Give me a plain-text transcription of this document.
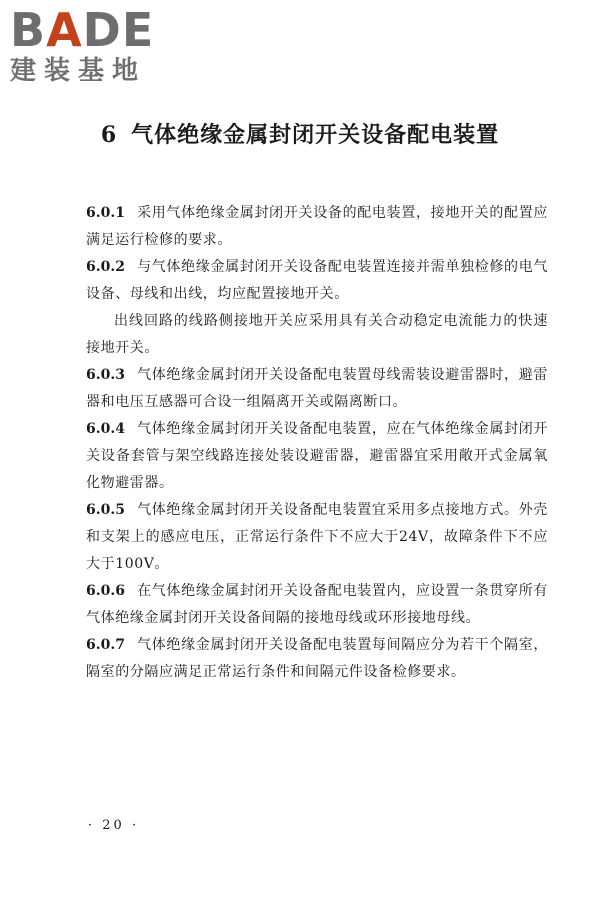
BADE
建装基地
6 气体绝缘金属封闭开关设备配电装置

6.0.1 采用气体绝缘金属封闭开关设备的配电装置，接地开关的配置应满足运行检修的要求。

6.0.2 与气体绝缘金属封闭开关设备配电装置连接并需单独检修的电气设备、母线和出线，均应配置接地开关。

出线回路的线路侧接地开关应采用具有关合动稳定电流能力的快速接地开关。

6.0.3 气体绝缘金属封闭开关设备配电装置母线需装设避雷器时，避雷器和电压互感器可合设一组隔离开关或隔离断口。

6.0.4 气体绝缘金属封闭开关设备配电装置，应在气体绝缘金属封闭开关设备套管与架空线路连接处装设避雷器，避雷器宜采用敞开式金属氧化物避雷器。

6.0.5 气体绝缘金属封闭开关设备配电装置宜采用多点接地方式。外壳和支架上的感应电压，正常运行条件下不应大于24V，故障条件下不应大于100V。

6.0.6 在气体绝缘金属封闭开关设备配电装置内，应设置一条贯穿所有气体绝缘金属封闭开关设备间隔的接地母线或环形接地母线。

6.0.7 气体绝缘金属封闭开关设备配电装置每间隔应分为若干个隔室，隔室的分隔应满足正常运行条件和间隔元件设备检修要求。

· 20 ·
